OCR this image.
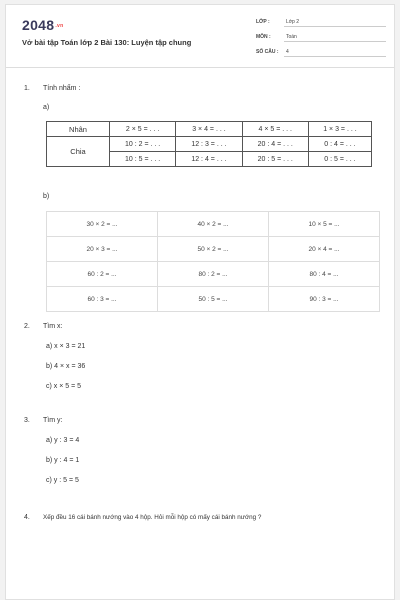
2048.vn
Vở bài tập Toán lớp 2 Bài 130: Luyện tập chung
LỚP :	Lớp 2
MÔN :	Toán
SỐ CÂU : 4
1. Tính nhẩm :
a)
Nhân	2 × 5 = . . .	3 × 4 = . . .	4 × 5 = . . .	1 × 3 = . . .
Chia	10 : 2 = . . .	12 : 3 = . . .	20 : 4 = . . .	0 : 4 = . . .
	10 : 5 = . . .	12 : 4 = . . .	20 : 5 = . . .	0 : 5 = . . .
b)
30 × 2 = ...	40 × 2 = ...	10 × 5 = ...
20 × 3 = ...	50 × 2 = ...	20 × 4 = ...
60 : 2 = ...	80 : 2 = ...	80 : 4 = ...
60 : 3 = ...	50 : 5 = ...	90 : 3 = ...
2. Tìm x:
a) x × 3 = 21
b) 4 × x = 36
c) x × 5 = 5
3. Tìm y:
a) y : 3 = 4
b) y : 4 = 1
c) y : 5 = 5
4. Xếp đều 16 cái bánh nướng vào 4 hộp. Hỏi mỗi hộp có mấy cái bánh nướng ?
